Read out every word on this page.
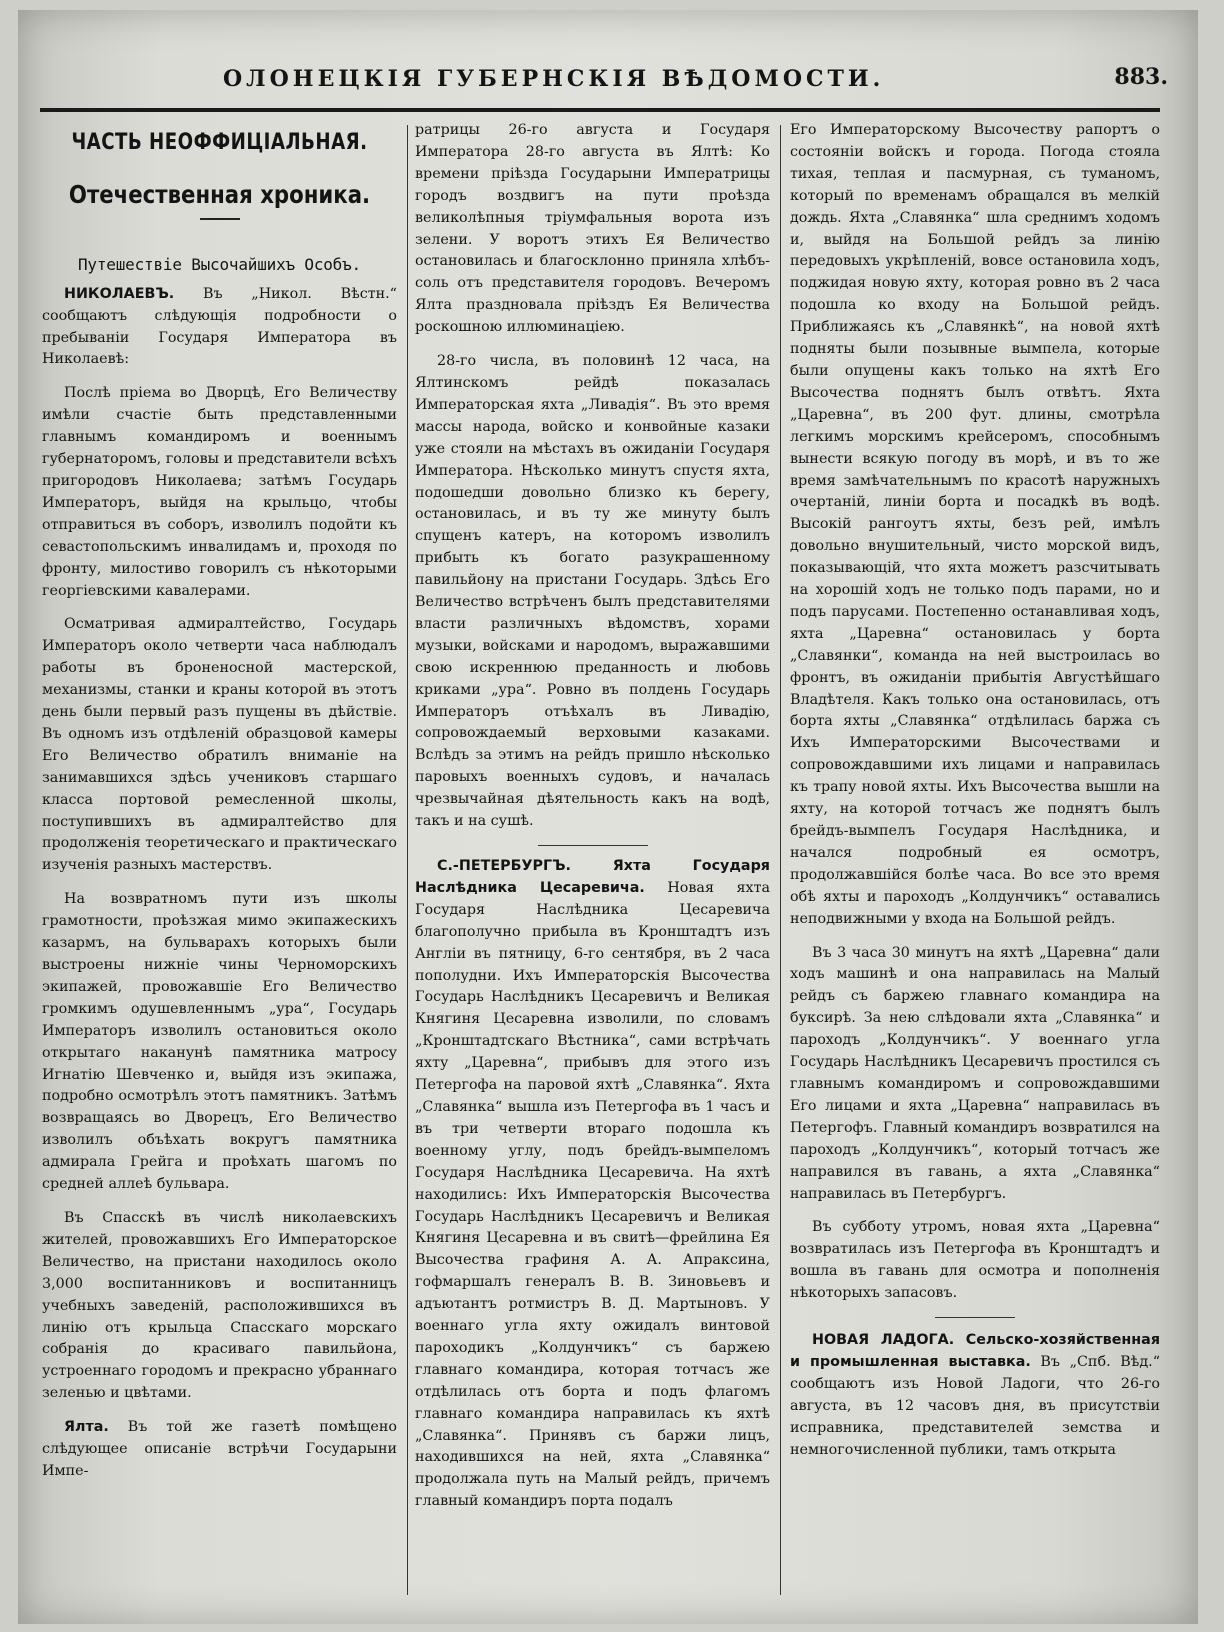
ОЛОНЕЦКІЯ ГУБЕРНСКІЯ ВѢДОМОСТИ.	883.
ЧАСТЬ НЕОФФИЦІАЛЬНАЯ.
Отечественная хроника.
Путешествіе Высочайшихъ Особъ.

НИКОЛАЕВЪ. Въ „Никол. Вѣстн.“ сообщаютъ слѣдующія подробности о пребываніи Государя Императора въ Николаевѣ:

Послѣ пріема во Дворцѣ, Его Величеству имѣли счастіе быть представленными главнымъ командиромъ и военнымъ губернаторомъ, головы и представители всѣхъ пригородовъ Николаева; затѣмъ Государь Императоръ, выйдя на крыльцо, чтобы отправиться въ соборъ, изволилъ подойти къ севастопольскимъ инвалидамъ и, проходя по фронту, милостиво говорилъ съ нѣкоторыми георгіевскими кавалерами.

Осматривая адмиралтейство, Государь Императоръ около четверти часа наблюдалъ работы въ броненосной мастерской, механизмы, станки и краны которой въ этотъ день были первый разъ пущены въ дѣйствіе. Въ одномъ изъ отдѣленій образцовой камеры Его Величество обратилъ вниманіе на занимавшихся здѣсь учениковъ старшаго класса портовой ремесленной школы, поступившихъ въ адмиралтейство для продолженія теоретическаго и практическаго изученія разныхъ мастерствъ.

На возвратномъ пути изъ школы грамотности, проѣзжая мимо экипажескихъ казармъ, на бульварахъ которыхъ были выстроены нижніе чины Черноморскихъ экипажей, провожавшіе Его Величество громкимъ одушевленнымъ „ура“, Государь Императоръ изволилъ остановиться около открытаго наканунѣ памятника матросу Игнатію Шевченко и, выйдя изъ экипажа, подробно осмотрѣлъ этотъ памятникъ. Затѣмъ возвращаясь во Дворецъ, Его Величество изволилъ объѣхать вокругъ памятника адмирала Грейга и проѣхать шагомъ по средней аллеѣ бульвара.

Въ Спасскѣ въ числѣ николаевскихъ жителей, провожавшихъ Его Императорское Величество, на пристани находилось около 3,000 воспитанниковъ и воспитанницъ учебныхъ заведеній, расположившихся въ линію отъ крыльца Спасскаго морскаго собранія до красиваго павильйона, устроеннаго городомъ и прекрасно убраннаго зеленью и цвѣтами.

Ялта. Въ той же газетѣ помѣщено слѣдующее описаніе встрѣчи Государыни Импе-

ратрицы 26-го августа и Государя Императора 28-го августа въ Ялтѣ: Ко времени пріѣзда Государыни Императрицы городъ воздвигъ на пути проѣзда великолѣпныя тріумфальныя ворота изъ зелени. У воротъ этихъ Ея Величество остановилась и благосклонно приняла хлѣбъ-соль отъ представителя городовъ. Вечеромъ Ялта праздновала пріѣздъ Ея Величества роскошною иллюминаціею.

28-го числа, въ половинѣ 12 часа, на Ялтинскомъ рейдѣ показалась Императорская яхта „Ливадія“. Въ это время массы народа, войско и конвойные казаки уже стояли на мѣстахъ въ ожиданіи Государя Императора. Нѣсколько минутъ спустя яхта, подошедши довольно близко къ берегу, остановилась, и въ ту же минуту былъ спущенъ катеръ, на которомъ изволилъ прибыть къ богато разукрашенному павильйону на пристани Государь. Здѣсь Его Величество встрѣченъ былъ представителями власти различныхъ вѣдомствъ, хорами музыки, войсками и народомъ, выражавшими свою искреннюю преданность и любовь криками „ура“. Ровно въ полдень Государь Императоръ отъѣхалъ въ Ливадію, сопровождаемый верховыми казаками. Вслѣдъ за этимъ на рейдъ пришло нѣсколько паровыхъ военныхъ судовъ, и началась чрезвычайная дѣятельность какъ на водѣ, такъ и на сушѣ.

С.-ПЕТЕРБУРГЪ. Яхта Государя Наслѣдника Цесаревича. Новая яхта Государя Наслѣдника Цесаревича благополучно прибыла въ Кронштадтъ изъ Англіи въ пятницу, 6-го сентября, въ 2 часа пополудни. Ихъ Императорскія Высочества Государь Наслѣдникъ Цесаревичъ и Великая Княгиня Цесаревна изволили, по словамъ „Кронштадтскаго Вѣстника“, сами встрѣчать яхту „Царевна“, прибывъ для этого изъ Петергофа на паровой яхтѣ „Славянка“. Яхта „Славянка“ вышла изъ Петергофа въ 1 часъ и въ три четверти втораго подошла къ военному углу, подъ брейдъ-вымпеломъ Государя Наслѣдника Цесаревича. На яхтѣ находились: Ихъ Императорскія Высочества Государь Наслѣдникъ Цесаревичъ и Великая Княгиня Цесаревна и въ свитѣ—фрейлина Ея Высочества графиня А. А. Апраксина, гофмаршалъ генералъ В. В. Зиновьевъ и адъютантъ ротмистръ В. Д. Мартыновъ. У военнаго угла яхту ожидалъ винтовой пароходикъ „Колдунчикъ“ съ баржею главнаго командира, которая тотчасъ же отдѣлилась отъ борта и подъ флагомъ главнаго командира направилась къ яхтѣ „Славянка“. Принявъ съ баржи лицъ, находившихся на ней, яхта „Славянка“ продолжала путь на Малый рейдъ, причемъ главный командиръ порта подалъ

Его Императорскому Высочеству рапортъ о состояніи войскъ и города. Погода стояла тихая, теплая и пасмурная, съ туманомъ, который по временамъ обращался въ мелкій дождь. Яхта „Славянка“ шла среднимъ ходомъ и, выйдя на Большой рейдъ за линію передовыхъ укрѣпленій, вовсе остановила ходъ, поджидая новую яхту, которая ровно въ 2 часа подошла ко входу на Большой рейдъ. Приближаясь къ „Славянкѣ“, на новой яхтѣ подняты были позывные вымпела, которые были опущены какъ только на яхтѣ Его Высочества поднятъ былъ отвѣтъ. Яхта „Царевна“, въ 200 фут. длины, смотрѣла легкимъ морскимъ крейсеромъ, способнымъ вынести всякую погоду въ морѣ, и въ то же время замѣчательнымъ по красотѣ наружныхъ очертаній, линіи борта и посадкѣ въ водѣ. Высокій рангоутъ яхты, безъ рей, имѣлъ довольно внушительный, чисто морской видъ, показывающій, что яхта можетъ разсчитывать на хорошій ходъ не только подъ парами, но и подъ парусами. Постепенно останавливая ходъ, яхта „Царевна“ остановилась у борта „Славянки“, команда на ней выстроилась во фронтъ, въ ожиданіи прибытія Августѣйшаго Владѣтеля. Какъ только она остановилась, отъ борта яхты „Славянка“ отдѣлилась баржа съ Ихъ Императорскими Высочествами и сопровождавшими ихъ лицами и направилась къ трапу новой яхты. Ихъ Высочества вышли на яхту, на которой тотчасъ же поднятъ былъ брейдъ-вымпелъ Государя Наслѣдника, и начался подробный ея осмотръ, продолжавшійся болѣе часа. Во все это время обѣ яхты и пароходъ „Колдунчикъ“ оставались неподвижными у входа на Большой рейдъ.

Въ 3 часа 30 минутъ на яхтѣ „Царевна“ дали ходъ машинѣ и она направилась на Малый рейдъ съ баржею главнаго командира на буксирѣ. За нею слѣдовали яхта „Славянка“ и пароходъ „Колдунчикъ“. У военнаго угла Государь Наслѣдникъ Цесаревичъ простился съ главнымъ командиромъ и сопровождавшими Его лицами и яхта „Царевна“ направилась въ Петергофъ. Главный командиръ возвратился на пароходъ „Колдунчикъ“, который тотчасъ же направился въ гавань, а яхта „Славянка“ направилась въ Петербургъ.

Въ субботу утромъ, новая яхта „Царевна“ возвратилась изъ Петергофа въ Кронштадтъ и вошла въ гавань для осмотра и пополненія нѣкоторыхъ запасовъ.

НОВАЯ ЛАДОГА. Сельско-хозяйственная и промышленная выставка. Въ „Спб. Вѣд.“ сообщаютъ изъ Новой Ладоги, что 26-го августа, въ 12 часовъ дня, въ присутствіи исправника, представителей земства и немногочисленной публики, тамъ открыта
